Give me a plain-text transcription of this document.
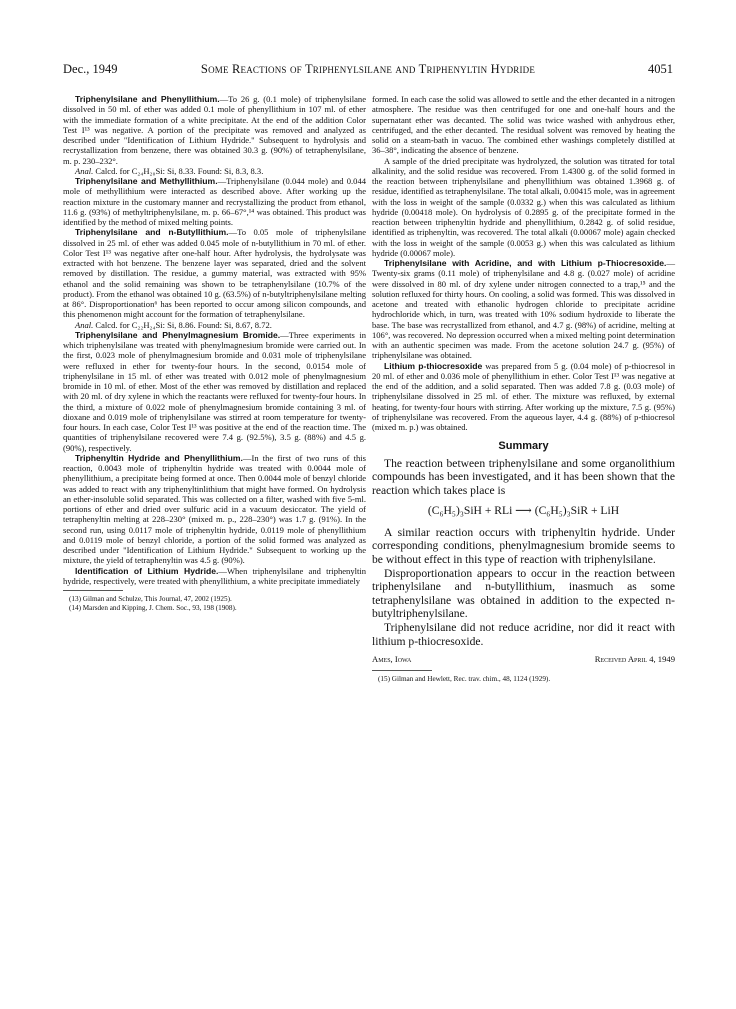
Dec., 1949	Some Reactions of Triphenylsilane and Triphenyltin Hydride	4051

Triphenylsilane and Phenyllithium.—To 26 g. (0.1 mole) of triphenylsilane dissolved in 50 ml. of ether was added 0.1 mole of phenyllithium in 107 ml. of ether with the immediate formation of a white precipitate. At the end of the addition Color Test I¹³ was negative. A portion of the precipitate was removed and analyzed as described under "Identification of Lithium Hydride." Subsequent to hydrolysis and recrystallization from benzene, there was obtained 30.3 g. (90%) of tetraphenylsilane, m. p. 230–232°.

Anal. Calcd. for C₂₄H₂₀Si: Si, 8.33. Found: Si, 8.3, 8.3.

Triphenylsilane and Methyllithium.—Triphenylsilane (0.044 mole) and 0.044 mole of methyllithium were interacted as described above. After working up the reaction mixture in the customary manner and recrystallizing the product from ethanol, 11.6 g. (93%) of methyltriphenylsilane, m. p. 66–67°,¹⁴ was obtained. This product was identified by the method of mixed melting points.

Triphenylsilane and n-Butyllithium.—To 0.05 mole of triphenylsilane dissolved in 25 ml. of ether was added 0.045 mole of n-butyllithium in 70 ml. of ether. Color Test I¹³ was negative after one-half hour. After hydrolysis, the hydrolysate was extracted with hot benzene. The benzene layer was separated, dried and the solvent removed by distillation. The residue, a gummy material, was extracted with 95% ethanol and the solid remaining was shown to be tetraphenylsilane (10.7% of the product). From the ethanol was obtained 10 g. (63.5%) of n-butyltriphenylsilane melting at 86°. Disproportionation⁶ has been reported to occur among silicon compounds, and this phenomenon might account for the formation of tetraphenylsilane.

Anal. Calcd. for C₂₂H₂₄Si: Si, 8.86. Found: Si, 8.67, 8.72.

Triphenylsilane and Phenylmagnesium Bromide.—Three experiments in which triphenylsilane was treated with phenylmagnesium bromide were carried out. In the first, 0.023 mole of phenylmagnesium bromide and 0.031 mole of triphenylsilane were refluxed in ether for twenty-four hours. In the second, 0.0154 mole of triphenylsilane in 15 ml. of ether was treated with 0.012 mole of phenylmagnesium bromide in 10 ml. of ether. Most of the ether was removed by distillation and replaced with 20 ml. of dry xylene in which the reactants were refluxed for twenty-four hours. In the third, a mixture of 0.022 mole of phenylmagnesium bromide containing 3 ml. of dioxane and 0.019 mole of triphenylsilane was stirred at room temperature for twenty-four hours. In each case, Color Test I¹³ was positive at the end of the reaction time. The quantities of triphenylsilane recovered were 7.4 g. (92.5%), 3.5 g. (88%) and 4.5 g. (90%), respectively.

Triphenyltin Hydride and Phenyllithium.—In the first of two runs of this reaction, 0.0043 mole of triphenyltin hydride was treated with 0.0044 mole of phenyllithium, a precipitate being formed at once. Then 0.0044 mole of benzyl chloride was added to react with any triphenyltinlithium that might have formed. On hydrolysis an ether-insoluble solid separated. This was collected on a filter, washed with five 5-ml. portions of ether and dried over sulfuric acid in a vacuum desiccator. The yield of tetraphenyltin melting at 228–230° (mixed m. p., 228–230°) was 1.7 g. (91%). In the second run, using 0.0117 mole of triphenyltin hydride, 0.0119 mole of phenyllithium and 0.0119 mole of benzyl chloride, a portion of the solid formed was analyzed as described under "Identification of Lithium Hydride." Subsequent to working up the mixture, the yield of tetraphenyltin was 4.5 g. (90%).

Identification of Lithium Hydride.—When triphenylsilane and triphenyltin hydride, respectively, were treated with phenyllithium, a white precipitate immediately

(13) Gilman and Schulze, This Journal, 47, 2002 (1925).

(14) Marsden and Kipping, J. Chem. Soc., 93, 198 (1908).

formed. In each case the solid was allowed to settle and the ether decanted in a nitrogen atmosphere. The residue was then centrifuged for one and one-half hours and the supernatant ether was decanted. The solid was twice washed with anhydrous ether, centrifuged, and the ether decanted. The residual solvent was removed by heating the solid on a steam-bath in vacuo. The combined ether washings completely distilled at 36–38°, indicating the absence of benzene.

A sample of the dried precipitate was hydrolyzed, the solution was titrated for total alkalinity, and the solid residue was recovered. From 1.4300 g. of the solid formed in the reaction between triphenylsilane and phenyllithium was obtained 1.3968 g. of residue, identified as tetraphenylsilane. The total alkali, 0.00415 mole, was in agreement with the loss in weight of the sample (0.0332 g.) when this was calculated as lithium hydride (0.00418 mole). On hydrolysis of 0.2895 g. of the precipitate formed in the reaction between triphenyltin hydride and phenyllithium, 0.2842 g. of solid residue, identified as triphenyltin, was recovered. The total alkali (0.00067 mole) again checked with the loss in weight of the sample (0.0053 g.) when this was calculated as lithium hydride (0.00067 mole).

Triphenylsilane with Acridine, and with Lithium p-Thiocresoxide.—Twenty-six grams (0.11 mole) of triphenylsilane and 4.8 g. (0.027 mole) of acridine were dissolved in 80 ml. of dry xylene under nitrogen connected to a trap,¹⁵ and the solution refluxed for thirty hours. On cooling, a solid was formed. This was dissolved in acetone and treated with ethanolic hydrogen chloride to precipitate acridine hydrochloride which, in turn, was treated with 10% sodium hydroxide to liberate the base. The base was recrystallized from ethanol, and 4.7 g. (98%) of acridine, melting at 106°, was recovered. No depression occurred when a mixed melting point determination with an authentic specimen was made. From the acetone solution 24.7 g. (95%) of triphenylsilane was obtained.

Lithium p-thiocresoxide was prepared from 5 g. (0.04 mole) of p-thiocresol in 20 ml. of ether and 0.036 mole of phenyllithium in ether. Color Test I¹³ was negative at the end of the addition, and a solid separated. Then was added 7.8 g. (0.03 mole) of triphenylsilane dissolved in 25 ml. of ether. The mixture was refluxed, by external heating, for twenty-four hours with stirring. After working up the mixture, 7.5 g. (95%) of triphenylsilane was recovered. From the aqueous layer, 4.4 g. (88%) of p-thiocresol (mixed m. p.) was obtained.

Summary

The reaction between triphenylsilane and some organolithium compounds has been investigated, and it has been shown that the reaction which takes place is

(C₆H₅)₃SiH + RLi ⟶ (C₆H₅)₃SiR + LiH

A similar reaction occurs with triphenyltin hydride. Under corresponding conditions, phenylmagnesium bromide seems to be without effect in this type of reaction with triphenylsilane.

Disproportionation appears to occur in the reaction between triphenylsilane and n-butyllithium, inasmuch as some tetraphenylsilane was obtained in addition to the expected n-butyltriphenylsilane.

Triphenylsilane did not reduce acridine, nor did it react with lithium p-thiocresoxide.

Ames, Iowa	Received April 4, 1949

(15) Gilman and Hewlett, Rec. trav. chim., 48, 1124 (1929).
